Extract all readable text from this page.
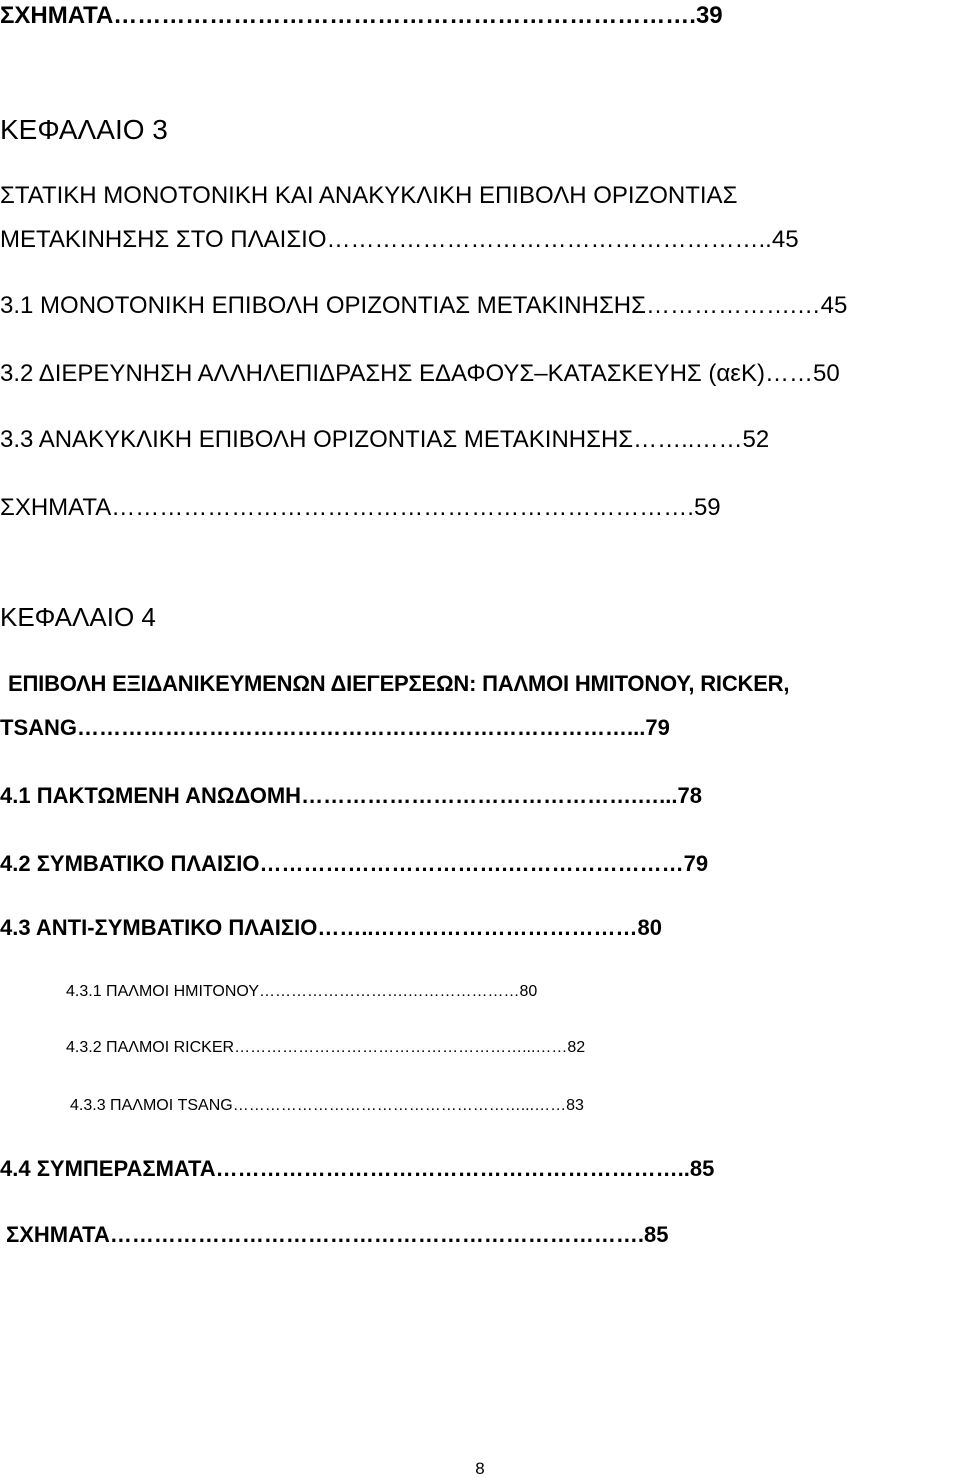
ΣΧΗΜΑΤΑ……………………………………………………………….39
ΚΕΦΑΛΑΙΟ 3
ΣΤΑΤΙΚΗ ΜΟΝΟΤΟΝΙΚΗ ΚΑΙ ΑΝΑΚΥΚΛΙΚΗ ΕΠΙΒΟΛΗ ΟΡΙΖΟΝΤΙΑΣ
ΜΕΤΑΚΙΝΗΣΗΣ ΣΤΟ ΠΛΑΙΣΙΟ………………………………………………..45
3.1 ΜΟΝΟΤΟΝΙΚΗ ΕΠΙΒΟΛΗ ΟΡΙΖΟΝΤΙΑΣ ΜΕΤΑΚΙΝΗΣΗΣ……………….…45
3.2 ΔΙΕΡΕΥΝΗΣΗ ΑΛΛΗΛΕΠΙΔΡΑΣΗΣ ΕΔΑΦΟΥΣ–ΚΑΤΑΣΚΕΥΗΣ (αεΚ)……50
3.3 ΑΝΑΚΥΚΛΙΚΗ ΕΠΙΒΟΛΗ ΟΡΙΖΟΝΤΙΑΣ ΜΕΤΑΚΙΝΗΣΗΣ……..……52
ΣΧΗΜΑΤΑ……………………………………………………………….59
ΚΕΦΑΛΑΙΟ 4
ΕΠΙΒΟΛΗ ΕΞΙΔΑΝΙΚΕΥΜΕΝΩΝ ΔΙΕΓΕΡΣΕΩΝ: ΠΑΛΜΟΙ ΗΜΙΤΟΝΟΥ, RICKER,
TSANG…………………………………………………………………...79
4.1 ΠΑΚΤΩΜΕΝΗ ΑΝΩΔΟΜΗ……………………………………….…...78
4.2 ΣΥΜΒΑΤΙΚΟ ΠΛΑΙΣΙΟ…………………………….……………………79
4.3 ΑΝΤΙ-ΣΥΜΒΑΤΙΚΟ ΠΛΑΙΣΙΟ……..………………………………80
4.3.1 ΠΑΛΜΟΙ ΗΜΙΤΟΝΟΥ……………………….…………………80
4.3.2 ΠΑΛΜΟΙ RICKER………………………………………………...……82
4.3.3 ΠΑΛΜΟΙ TSANG………………………………………………...……83
4.4 ΣΥΜΠΕΡΑΣΜΑΤΑ………………………………………………………..85
ΣΧΗΜΑΤΑ……………………………………………………………….85
8
